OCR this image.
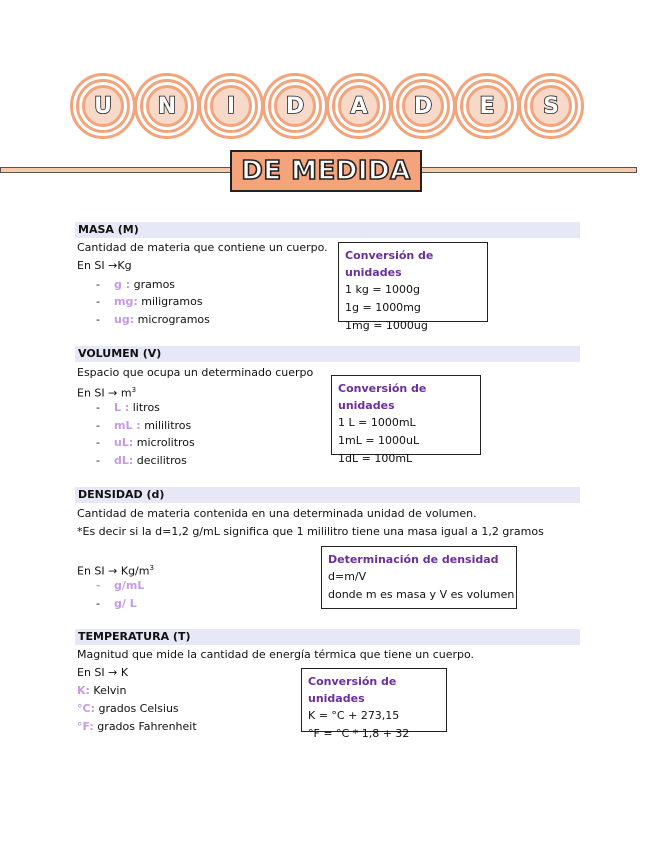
U N I D A D E S
DE MEDIDA
MASA (M)
Cantidad de materia que contiene un cuerpo.
En SI →Kg
- g : gramos
- mg: miligramos
- ug: microgramos
Conversión de unidades
1 kg = 1000g
1g = 1000mg
1mg = 1000ug
VOLUMEN (V)
Espacio que ocupa un determinado cuerpo
En SI → $m^3$
- L : litros
- mL : mililitros
- uL: microlitros
- dL: decilitros
Conversión de unidades
1 L = 1000mL
1mL = 1000uL
1dL = 100mL
DENSIDAD (d)
Cantidad de materia contenida en una determinada unidad de volumen.
*Es decir si la d=1,2 g/mL significa que 1 mililitro tiene una masa igual a 1,2 gramos
En SI → $Kg/m^3$
- g/mL
- g/ L
Determinación de densidad
d=m/V
donde m es masa y V es volumen
TEMPERATURA (T)
Magnitud que mide la cantidad de energía térmica que tiene un cuerpo.
En SI → K
K: Kelvin
°C: grados Celsius
°F: grados Fahrenheit
Conversión de unidades
K = °C + 273,15
°F = °C * 1,8 + 32
